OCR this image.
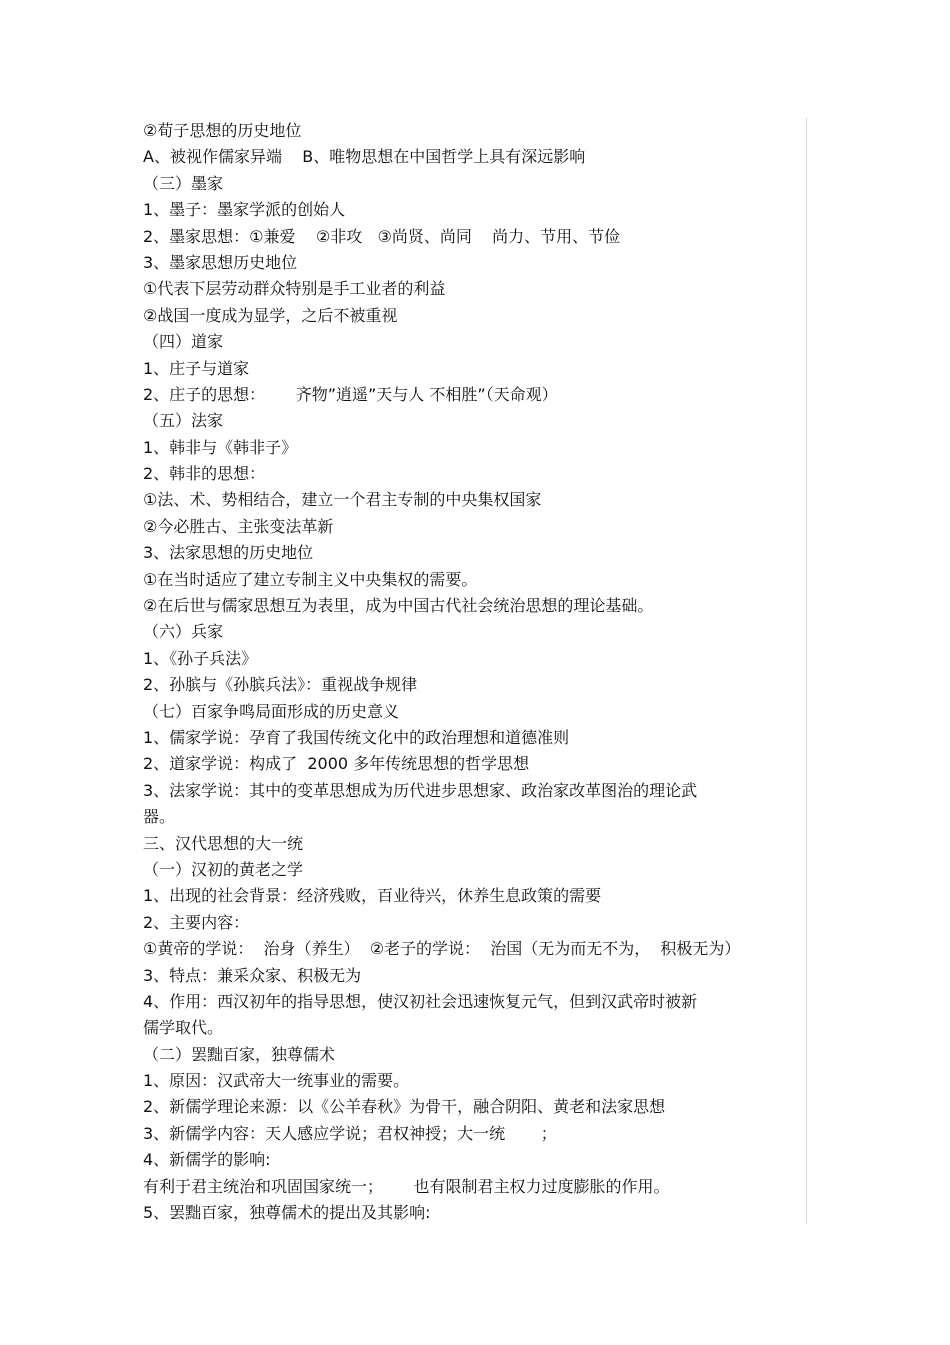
②荀子思想的历史地位
A、被视作儒家异端    B、唯物思想在中国哲学上具有深远影响
（三）墨家
1、墨子：墨家学派的创始人
2、墨家思想：①兼爱    ②非攻   ③尚贤、尚同    尚力、节用、节俭
3、墨家思想历史地位
①代表下层劳动群众特别是手工业者的利益
②战国一度成为显学，之后不被重视
（四）道家
1、庄子与道家
2、庄子的思想：      齐物”逍遥”天与人 不相胜”（天命观）
（五）法家
1、韩非与《韩非子》
2、韩非的思想：
①法、术、势相结合，建立一个君主专制的中央集权国家
②今必胜古、主张变法革新
3、法家思想的历史地位
①在当时适应了建立专制主义中央集权的需要。
②在后世与儒家思想互为表里，成为中国古代社会统治思想的理论基础。
（六）兵家
1、《孙子兵法》
2、孙膑与《孙膑兵法》：重视战争规律
（七）百家争鸣局面形成的历史意义
1、儒家学说：孕育了我国传统文化中的政治理想和道德准则
2、道家学说：构成了  2000 多年传统思想的哲学思想
3、法家学说：其中的变革思想成为历代进步思想家、政治家改革图治的理论武
器。
三、汉代思想的大一统
（一）汉初的黄老之学
1、出现的社会背景：经济残败，百业待兴，休养生息政策的需要
2、主要内容：
①黄帝的学说：  治身（养生）  ②老子的学说：  治国（无为而无不为，  积极无为）
3、特点：兼采众家、积极无为
4、作用：西汉初年的指导思想，使汉初社会迅速恢复元气，但到汉武帝时被新
儒学取代。
（二）罢黜百家，独尊儒术
1、原因：汉武帝大一统事业的需要。
2、新儒学理论来源：以《公羊春秋》为骨干，融合阴阳、黄老和法家思想
3、新儒学内容：天人感应学说；君权神授；大一统       ；
4、新儒学的影响:
有利于君主统治和巩固国家统一；      也有限制君主权力过度膨胀的作用。
5、罢黜百家，独尊儒术的提出及其影响:
